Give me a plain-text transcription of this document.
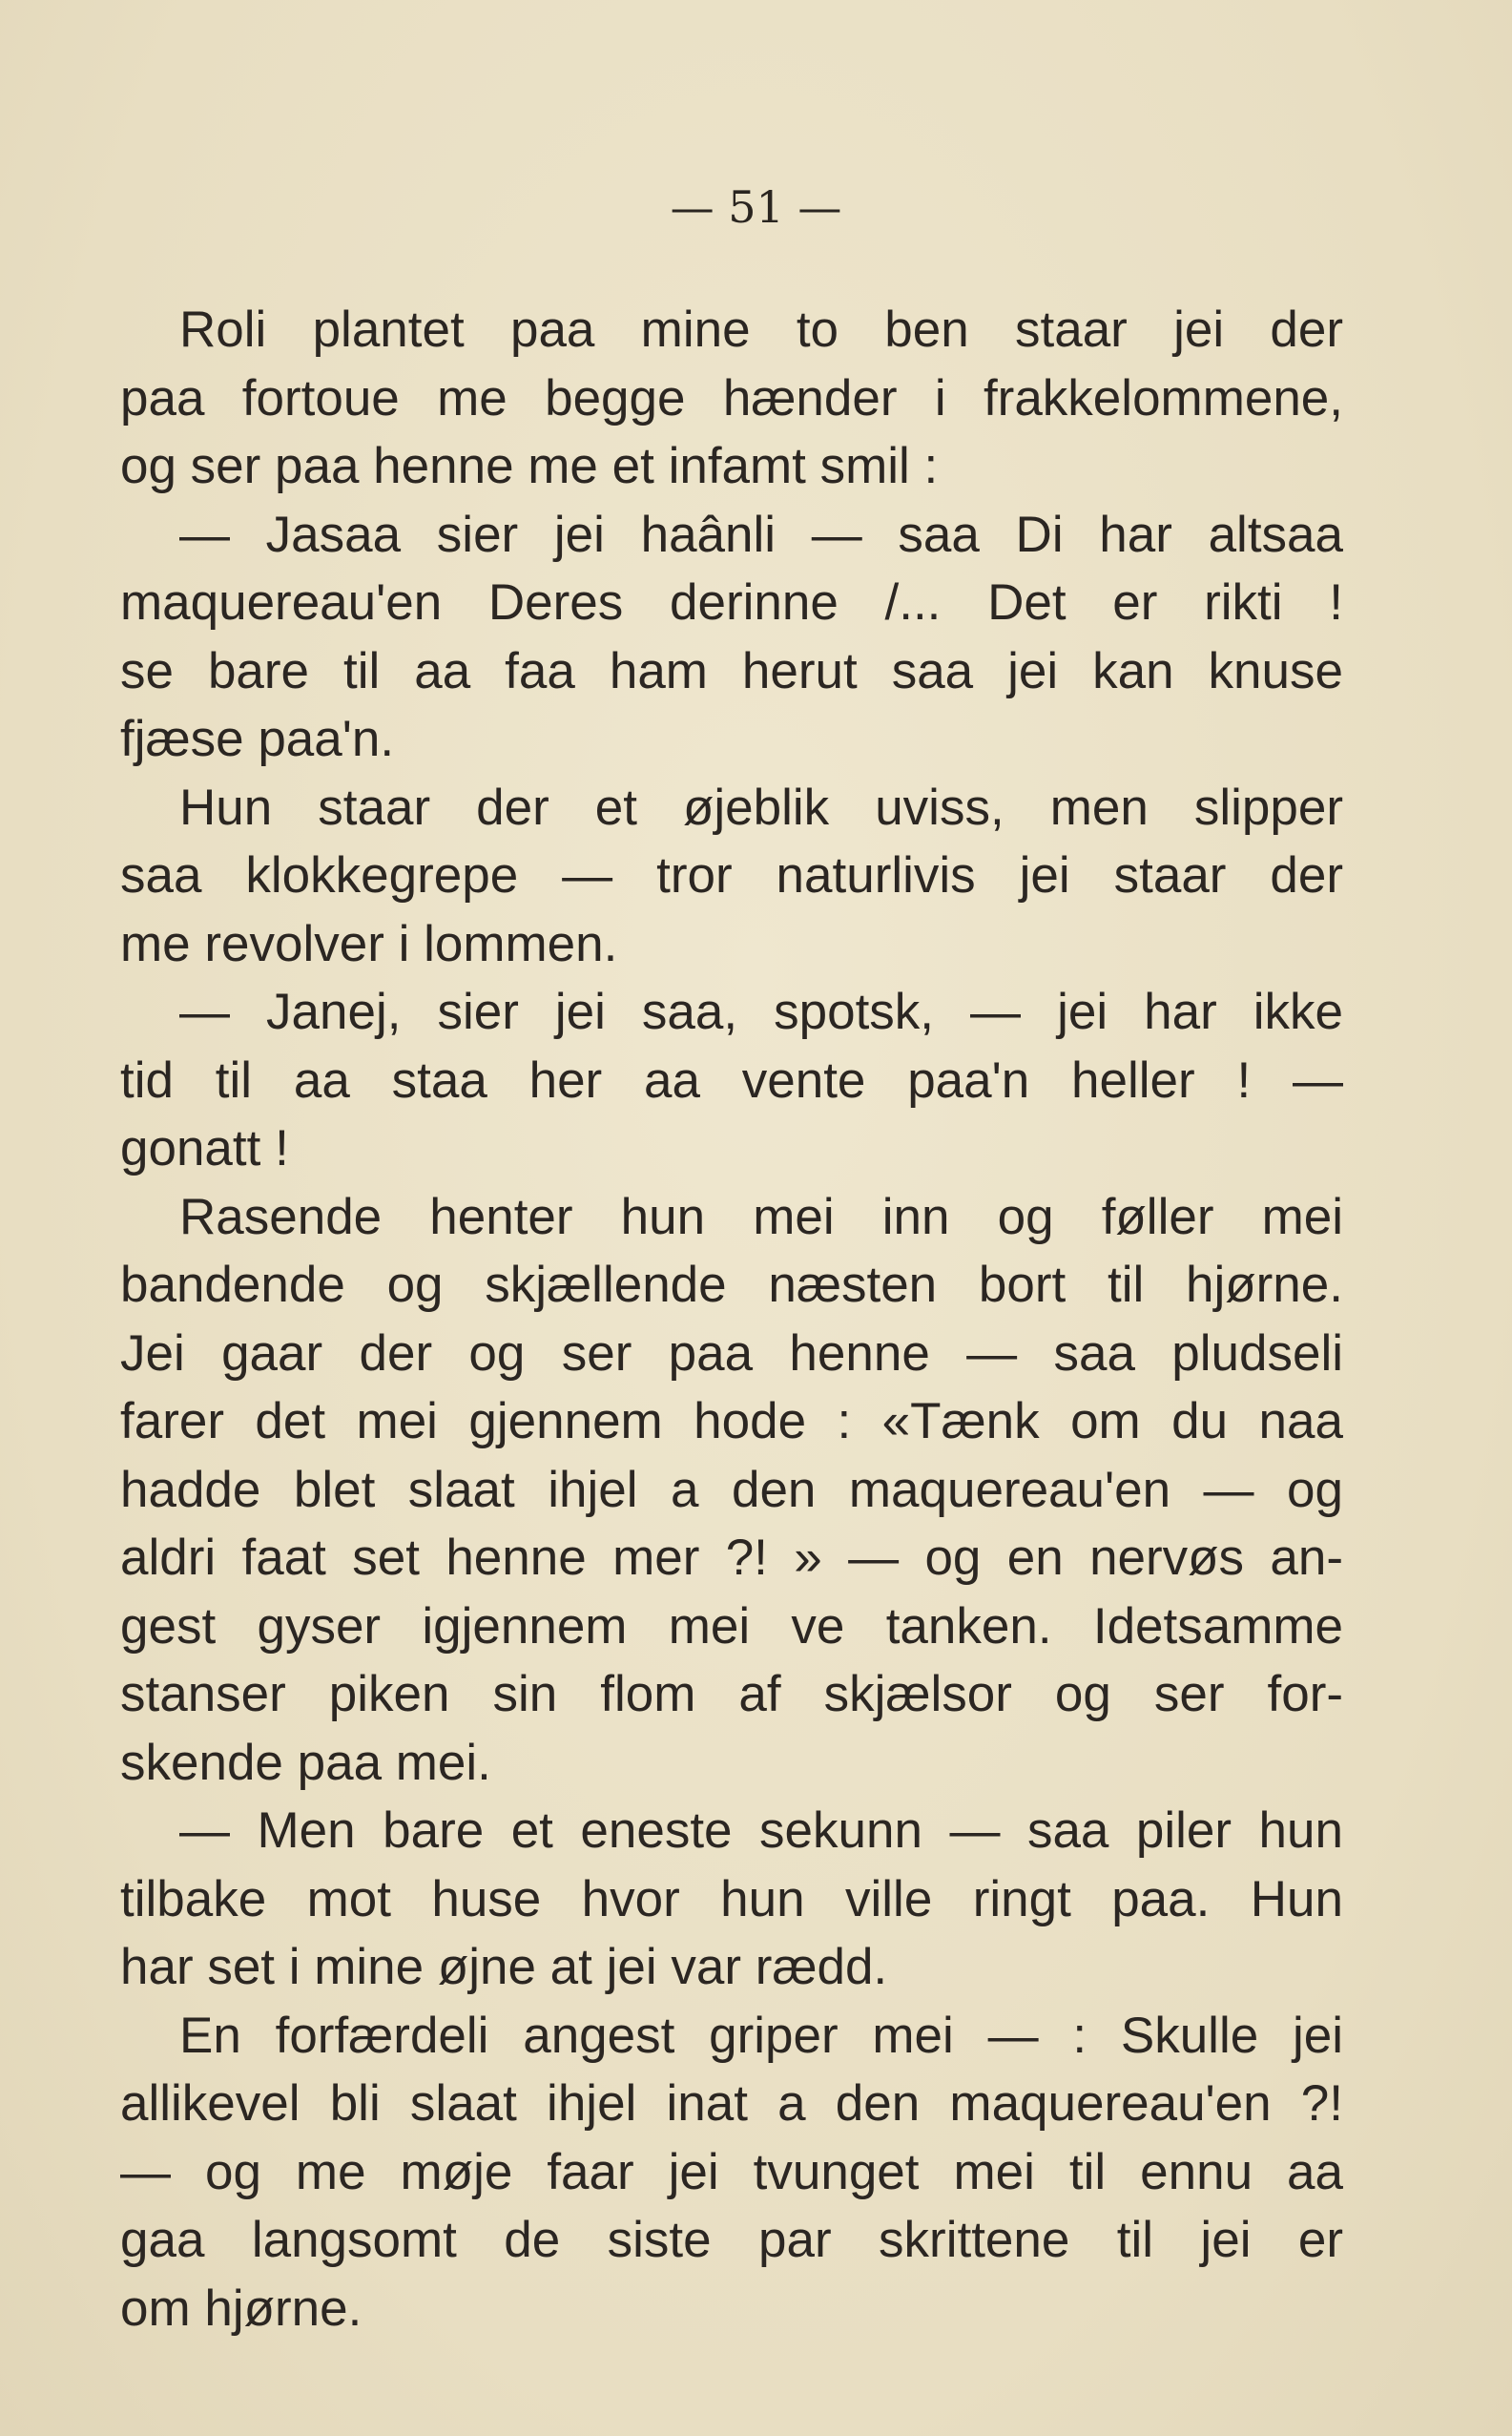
— 51 —
Roli plantet paa mine to ben staar jei der
paa fortoue me begge hænder i frakkelommene,
og ser paa henne me et infamt smil :
— Jasaa sier jei haânli — saa Di har altsaa
maquereau'en Deres derinne /... Det er rikti !
se bare til aa faa ham herut saa jei kan knuse
fjæse paa'n.
Hun staar der et øjeblik uviss, men slipper
saa klokkegrepe — tror naturlivis jei staar der
me revolver i lommen.
— Janej, sier jei saa, spotsk, — jei har ikke
tid til aa staa her aa vente paa'n heller ! —
gonatt !
Rasende henter hun mei inn og føller mei
bandende og skjællende næsten bort til hjørne.
Jei gaar der og ser paa henne — saa pludseli
farer det mei gjennem hode : «Tænk om du naa
hadde blet slaat ihjel a den maquereau'en — og
aldri faat set henne mer ?! » — og en nervøs an-
gest gyser igjennem mei ve tanken. Idetsamme
stanser piken sin flom af skjælsor og ser for-
skende paa mei.
— Men bare et eneste sekunn — saa piler hun
tilbake mot huse hvor hun ville ringt paa. Hun
har set i mine øjne at jei var rædd.
En forfærdeli angest griper mei — : Skulle jei
allikevel bli slaat ihjel inat a den maquereau'en ?!
— og me møje faar jei tvunget mei til ennu aa
gaa langsomt de siste par skrittene til jei er
om hjørne.
